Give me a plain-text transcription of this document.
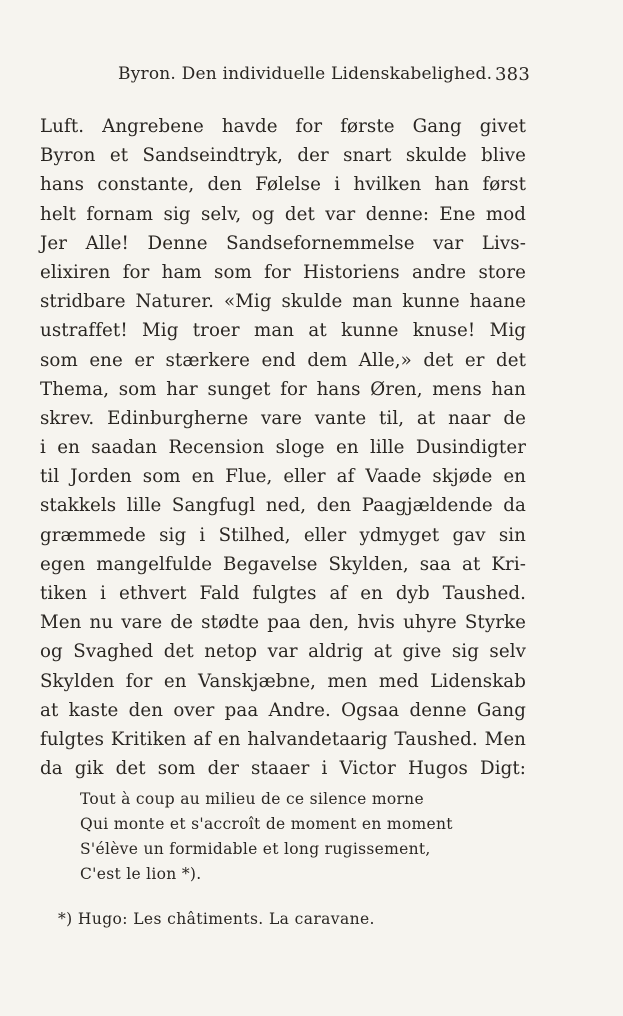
Byron. Den individuelle Lidenskabelighed. 383
Luft. Angrebene havde for første Gang givet
Byron et Sandseindtryk, der snart skulde blive
hans constante, den Følelse i hvilken han først
helt fornam sig selv, og det var denne: Ene mod
Jer Alle! Denne Sandsefornemmelse var Livs-
elixiren for ham som for Historiens andre store
stridbare Naturer. «Mig skulde man kunne haane
ustraffet! Mig troer man at kunne knuse! Mig
som ene er stærkere end dem Alle,» det er det
Thema, som har sunget for hans Øren, mens han
skrev. Edinburgherne vare vante til, at naar de
i en saadan Recension sloge en lille Dusindigter
til Jorden som en Flue, eller af Vaade skjøde en
stakkels lille Sangfugl ned, den Paagjældende da
græmmede sig i Stilhed, eller ydmyget gav sin
egen mangelfulde Begavelse Skylden, saa at Kri-
tiken i ethvert Fald fulgtes af en dyb Taushed.
Men nu vare de stødte paa den, hvis uhyre Styrke
og Svaghed det netop var aldrig at give sig selv
Skylden for en Vanskjæbne, men med Lidenskab
at kaste den over paa Andre. Ogsaa denne Gang
fulgtes Kritiken af en halvandetaarig Taushed. Men
da gik det som der staaer i Victor Hugos Digt:
Tout à coup au milieu de ce silence morne
Qui monte et s'accroît de moment en moment
S'élève un formidable et long rugissement,
C'est le lion *).
*) Hugo: Les châtiments. La caravane.
